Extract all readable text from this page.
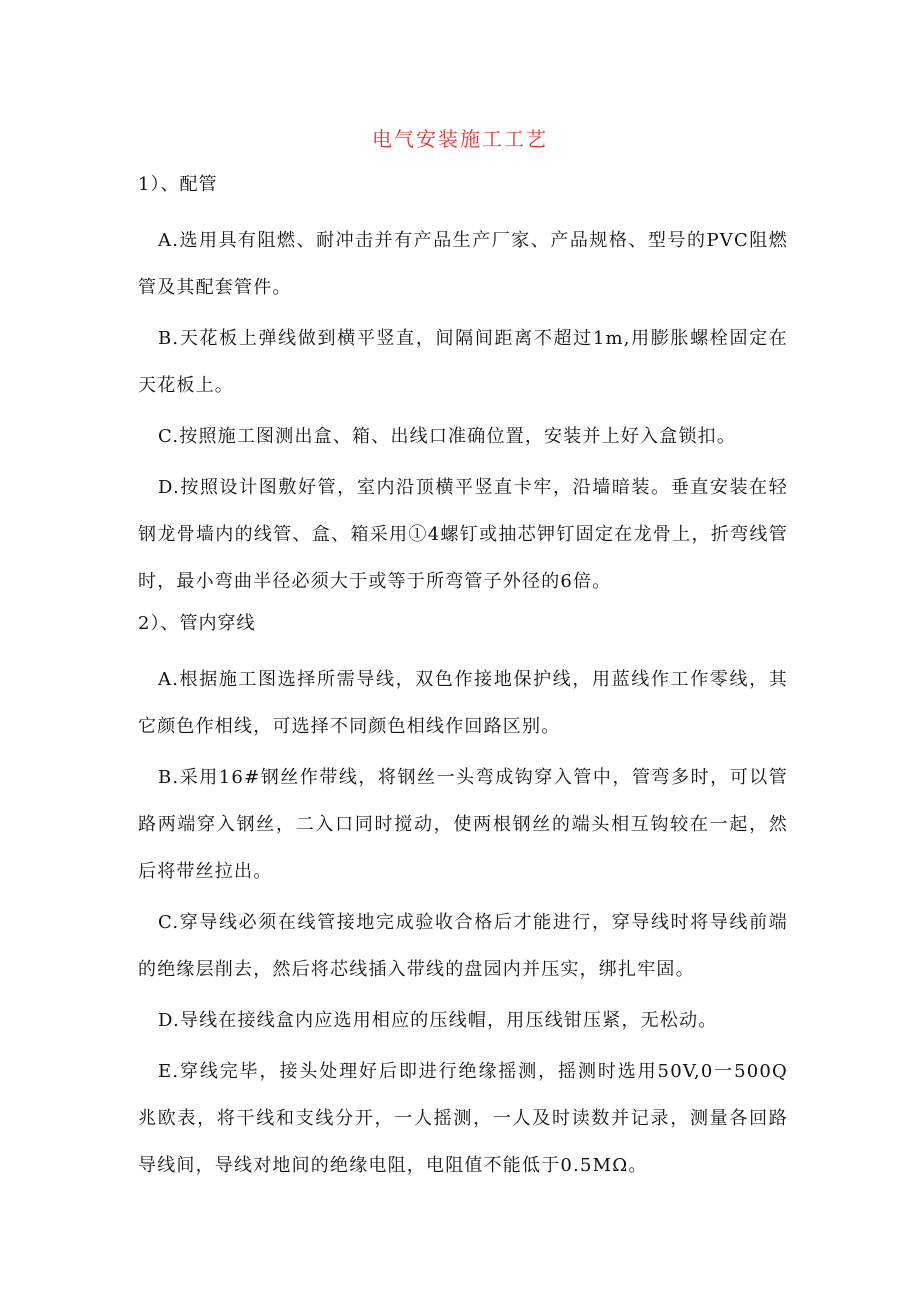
电气安装施工工艺
1）、配管

A.选用具有阻燃、耐冲击并有产品生产厂家、产品规格、型号的PVC阻燃管及其配套管件。

B.天花板上弹线做到横平竖直，间隔间距离不超过1m,用膨胀螺栓固定在天花板上。

C.按照施工图测出盒、箱、出线口准确位置，安装并上好入盒锁扣。

D.按照设计图敷好管，室内沿顶横平竖直卡牢，沿墙暗装。垂直安装在轻钢龙骨墙内的线管、盒、箱采用①4螺钉或抽芯钾钉固定在龙骨上，折弯线管时，最小弯曲半径必须大于或等于所弯管子外径的6倍。

2）、管内穿线

A.根据施工图选择所需导线，双色作接地保护线，用蓝线作工作零线，其它颜色作相线，可选择不同颜色相线作回路区别。

B.采用16#钢丝作带线，将钢丝一头弯成钩穿入管中，管弯多时，可以管路两端穿入钢丝，二入口同时搅动，使两根钢丝的端头相互钩较在一起，然后将带丝拉出。

C.穿导线必须在线管接地完成验收合格后才能进行，穿导线时将导线前端的绝缘层削去，然后将芯线插入带线的盘园内并压实，绑扎牢固。

D.导线在接线盒内应选用相应的压线帽，用压线钳压紧，无松动。

E.穿线完毕，接头处理好后即进行绝缘摇测，摇测时选用50V,0一500Q兆欧表，将干线和支线分开，一人摇测，一人及时读数并记录，测量各回路导线间，导线对地间的绝缘电阻，电阻值不能低于0.5MΩ。
